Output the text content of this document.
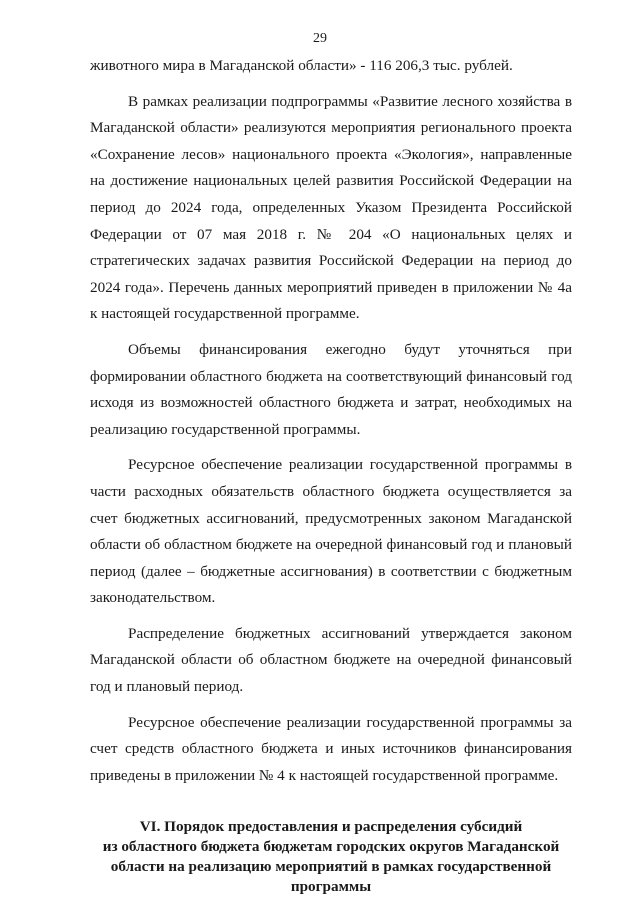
29

животного мира в Магаданской области» - 116 206,3 тыс. рублей.

В рамках реализации подпрограммы «Развитие лесного хозяйства в Магаданской области» реализуются мероприятия регионального проекта «Сохранение лесов» национального проекта «Экология», направленные на достижение национальных целей развития Российской Федерации на период до 2024 года, определенных Указом Президента Российской Федерации от 07 мая 2018 г. № 204 «О национальных целях и стратегических задачах развития Российской Федерации на период до 2024 года». Перечень данных мероприятий приведен в приложении № 4а к настоящей государственной программе.

Объемы финансирования ежегодно будут уточняться при формировании областного бюджета на соответствующий финансовый год исходя из возможностей областного бюджета и затрат, необходимых на реализацию государственной программы.

Ресурсное обеспечение реализации государственной программы в части расходных обязательств областного бюджета осуществляется за счет бюджетных ассигнований, предусмотренных законом Магаданской области об областном бюджете на очередной финансовый год и плановый период (далее – бюджетные ассигнования) в соответствии с бюджетным законодательством.

Распределение бюджетных ассигнований утверждается законом Магаданской области об областном бюджете на очередной финансовый год и плановый период.

Ресурсное обеспечение реализации государственной программы за счет средств областного бюджета и иных источников финансирования приведены в приложении № 4 к настоящей государственной программе.

VI. Порядок предоставления и распределения субсидий
из областного бюджета бюджетам городских округов Магаданской
области на реализацию мероприятий в рамках государственной
программы
